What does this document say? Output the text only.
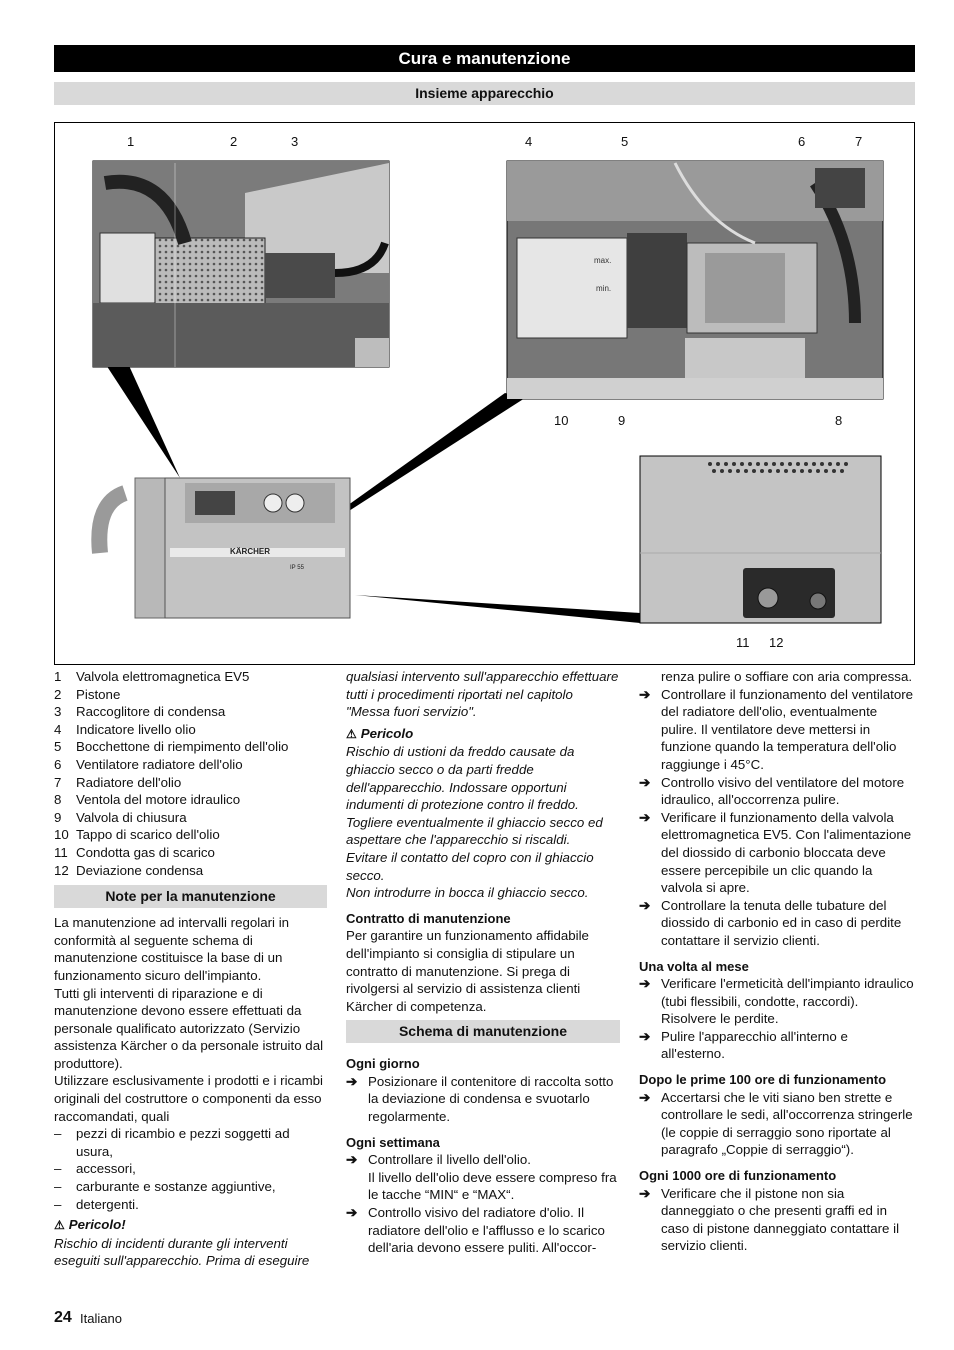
Cura e manutenzione
Insieme apparecchio
max.
min.
KÄRCHER
IP 55
1	2	3	4	5	6	7
8
9
10
11 12
1	Valvola elettromagnetica EV5
2	Pistone
3	Raccoglitore di condensa
4	Indicatore livello olio
5	Bocchettone di riempimento dell'olio
6	Ventilatore radiatore dell'olio
7	Radiatore dell'olio
8	Ventola del motore idraulico
9	Valvola di chiusura
10 Tappo di scarico dell'olio
11 Condotta gas di scarico
12 Deviazione condensa
Note per la manutenzione

La manutenzione ad intervalli regolari in conformità al seguente schema di manutenzione costituisce la base di un funzionamento sicuro dell'impianto.

Tutti gli interventi di riparazione e di manutenzione devono essere effettuati da personale qualificato autorizzato (Servizio assistenza Kärcher o da personale istruito dal produttore).

Utilizzare esclusivamente i prodotti e i ricambi originali del costruttore o componenti da esso raccomandati, quali

–	pezzi di ricambio e pezzi soggetti ad usura,
–	accessori,
–	carburante e sostanze aggiuntive,
–	detergenti.

⚠ Pericolo!

Rischio di incidenti durante gli interventi eseguiti sull'apparecchio. Prima di eseguire

qualsiasi intervento sull'apparecchio effettuare tutti i procedimenti riportati nel capitolo "Messa fuori servizio".

⚠ Pericolo

Rischio di ustioni da freddo causate da ghiaccio secco o da parti fredde dell'apparecchio. Indossare opportuni indumenti di protezione contro il freddo. Togliere eventualmente il ghiaccio secco ed aspettare che l'apparecchio si riscaldi.

Evitare il contatto del copro con il ghiaccio secco.

Non introdurre in bocca il ghiaccio secco.

Contratto di manutenzione

Per garantire un funzionamento affidabile dell'impianto si consiglia di stipulare un contratto di manutenzione. Si prega di rivolgersi al servizio di assistenza clienti Kärcher di competenza.

Schema di manutenzione

Ogni giorno

➔ Posizionare il contenitore di raccolta sotto la deviazione di condensa e svuotarlo regolarmente.

Ogni settimana

➔ Controllare il livello dell'olio.
Il livello dell'olio deve essere compreso fra le tacche “MIN“ e “MAX“.
➔ Controllo visivo del radiatore d'olio. Il radiatore dell'olio e l'afflusso e lo scarico dell'aria devono essere puliti. All'occor-
renza pulire o soffiare con aria compressa.
➔ Controllare il funzionamento del ventilatore del radiatore dell'olio, eventualmente pulire. Il ventilatore deve mettersi in funzione quando la temperatura dell'olio raggiunge i 45°C.
➔ Controllo visivo del ventilatore del motore idraulico, all'occorrenza pulire.
➔ Verificare il funzionamento della valvola elettromagnetica EV5. Con l'alimentazione del diossido di carbonio bloccata deve essere percepibile un clic quando la valvola si apre.
➔ Controllare la tenuta delle tubature del diossido di carbonio ed in caso di perdite contattare il servizio clienti.

Una volta al mese

➔ Verificare l'ermeticità dell'impianto idraulico (tubi flessibili, condotte, raccordi). Risolvere le perdite.
➔ Pulire l'apparecchio all'interno e all'esterno.

Dopo le prime 100 ore di funzionamento

➔ Accertarsi che le viti siano ben strette e controllare le sedi, all'occorrenza stringerle (le coppie di serraggio sono riportate al paragrafo „Coppie di serraggio“).

Ogni 1000 ore di funzionamento

➔ Verificare che il pistone non sia danneggiato o che presenti graffi ed in caso di pistone danneggiato contattare il servizio clienti.
24 Italiano
